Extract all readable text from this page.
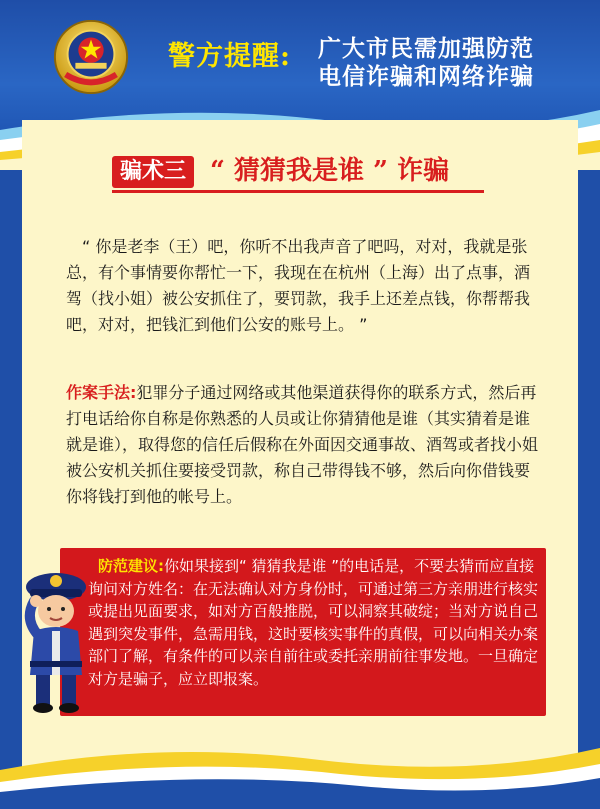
警方提醒: 广大市民需加强防范
电信诈骗和网络诈骗
骗术三 “ 猜猜我是谁 ” 诈骗
“ 你是老李（王）吧，你听不出我声音了吧吗，对对，我就是张总，有个事情要你帮忙一下，我现在在杭州（上海）出了点事，酒驾（找小姐）被公安抓住了，要罚款，我手上还差点钱，你帮帮我吧，对对，把钱汇到他们公安的账号上。 ”
作案手法:犯罪分子通过网络或其他渠道获得你的联系方式，然后再打电话给你自称是你熟悉的人员或让你猜猜他是谁（其实猜着是谁就是谁），取得您的信任后假称在外面因交通事故、酒驾或者找小姐被公安机关抓住要接受罚款，称自己带得钱不够，然后向你借钱要你将钱打到他的帐号上。
防范建议:你如果接到“ 猜猜我是谁 ”的电话是，不要去猜而应直接询问对方姓名：在无法确认对方身份时，可通过第三方亲朋进行核实或提出见面要求，如对方百般推脱，可以洞察其破绽；当对方说自己遇到突发事件，急需用钱，这时要核实事件的真假，可以向相关办案部门了解，有条件的可以亲自前往或委托亲朋前往事发地。一旦确定对方是骗子，应立即报案。
